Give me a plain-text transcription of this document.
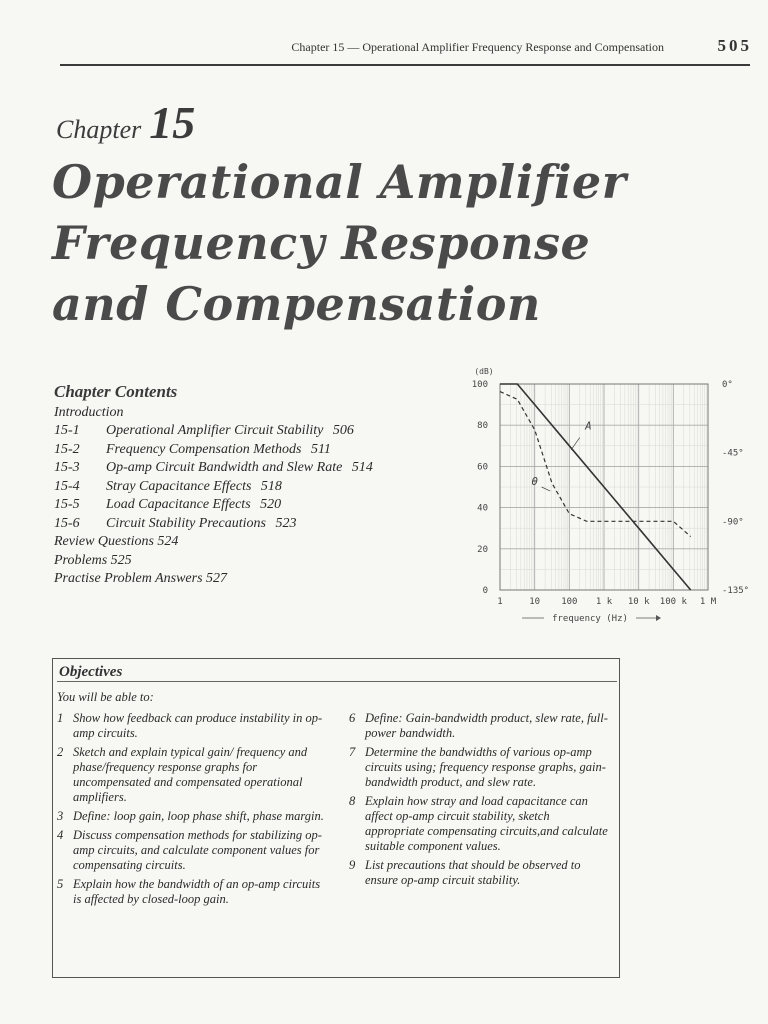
Chapter 15 — Operational Amplifier Frequency Response and Compensation	505
Chapter 15
Operational Amplifier
Frequency Response
and Compensation
Chapter Contents
Introduction
15-1 Operational Amplifier Circuit Stability 506
15-2 Frequency Compensation Methods 511
15-3 Op-amp Circuit Bandwidth and Slew Rate 514
15-4 Stray Capacitance Effects 518
15-5 Load Capacitance Effects 520
15-6 Circuit Stability Precautions 523
Review Questions 524
Problems 525
Practise Problem Answers 527
(dB)
0
20
40
60
80
100	0°
-45°
-90°
-135°
1	10 100 1 k 10 k 100 k 1 M
frequency (Hz)
A
θ
Objectives
You will be able to:
1 Show how feedback can produce instability in op-amp circuits.
2 Sketch and explain typical gain/ frequency and phase/frequency response graphs for uncompensated and compensated operational amplifiers.
3 Define: loop gain, loop phase shift, phase margin.
4 Discuss compensation methods for stabilizing op-amp circuits, and calculate component values for compensating circuits.
5 Explain how the bandwidth of an op-amp circuits is affected by closed-loop gain.
6 Define: Gain-bandwidth product, slew rate, full-power bandwidth.
7 Determine the bandwidths of various op-amp circuits using; frequency response graphs, gain-bandwidth product, and slew rate.
8 Explain how stray and load capacitance can affect op-amp circuit stability, sketch appropriate compensating circuits,and calculate suitable component values.
9 List precautions that should be observed to ensure op-amp circuit stability.
